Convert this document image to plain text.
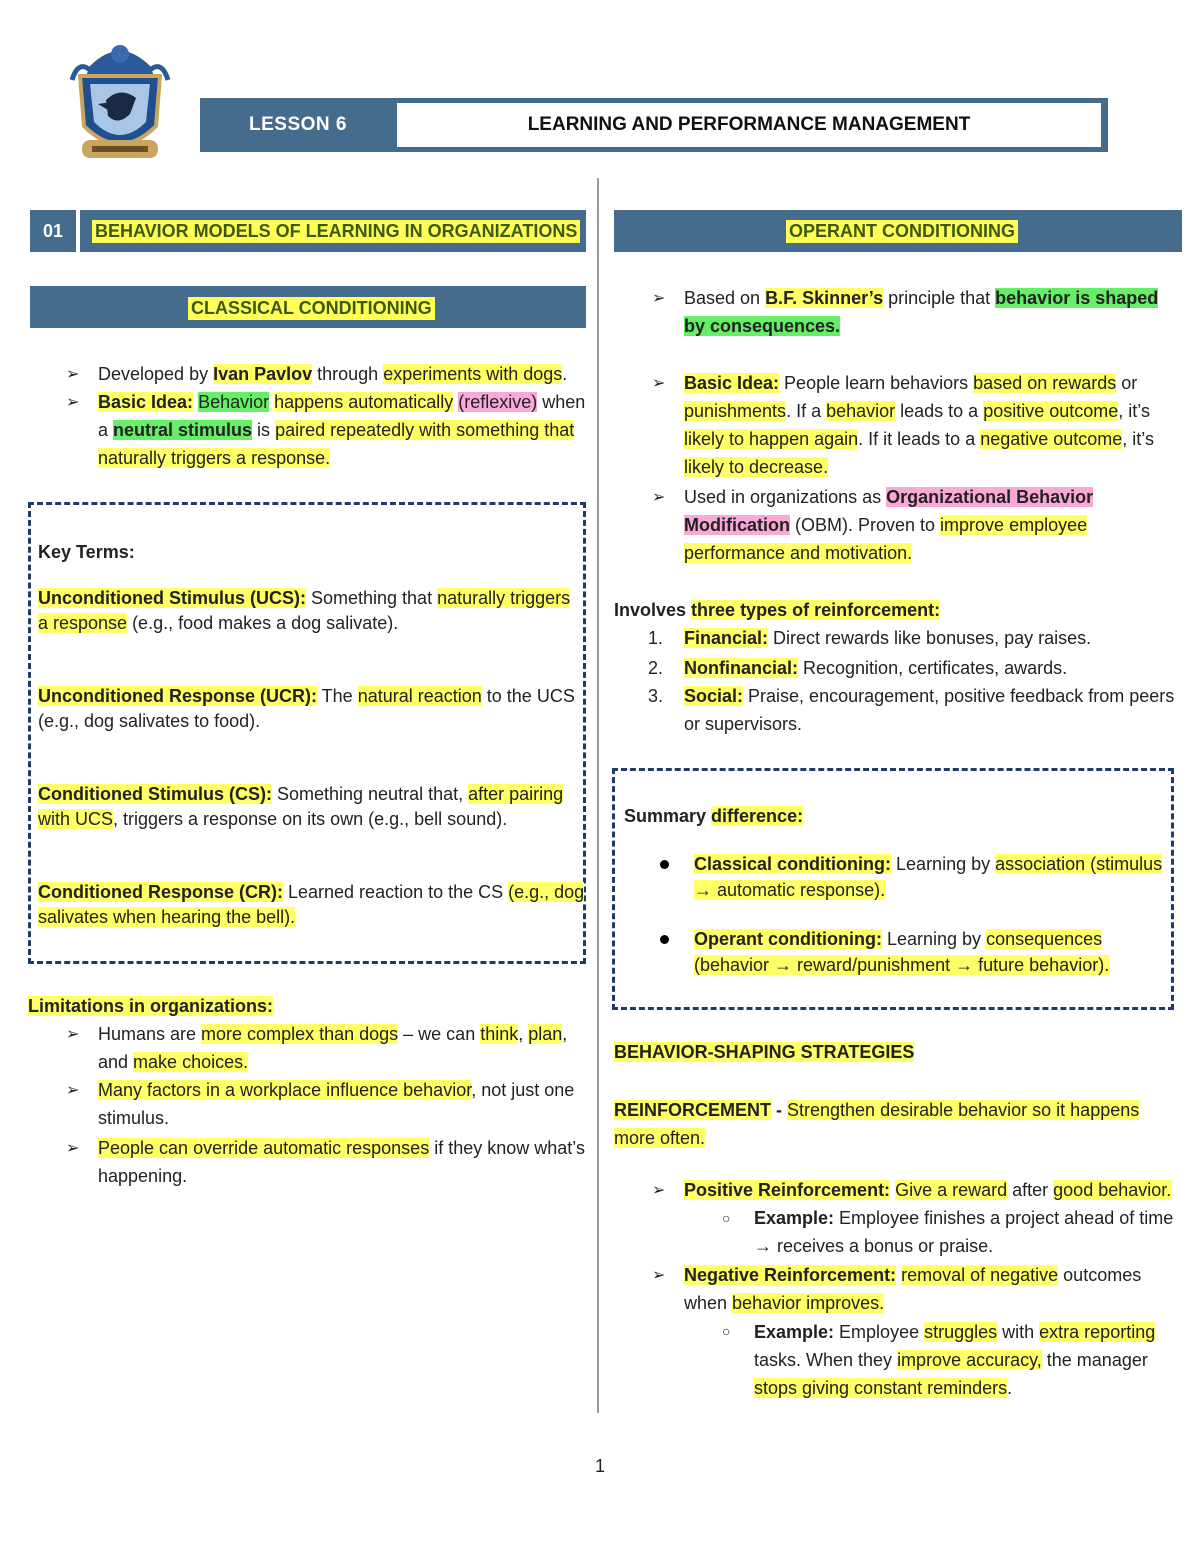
LESSON 6	LEARNING AND PERFORMANCE MANAGEMENT
01	BEHAVIOR MODELS OF LEARNING IN ORGANIZATIONS
CLASSICAL CONDITIONING
➢ Developed by Ivan Pavlov through experiments with dogs.
➢ Basic Idea: Behavior happens automatically (reflexive) when
a neutral stimulus is paired repeatedly with something that
naturally triggers a response.
Key Terms:
Unconditioned Stimulus (UCS): Something that naturally triggers
a response (e.g., food makes a dog salivate).
Unconditioned Response (UCR): The natural reaction to the UCS
(e.g., dog salivates to food).
Conditioned Stimulus (CS): Something neutral that, after pairing
with UCS, triggers a response on its own (e.g., bell sound).
Conditioned Response (CR): Learned reaction to the CS (e.g., dog
salivates when hearing the bell).
Limitations in organizations:
➢ Humans are more complex than dogs – we can think, plan,
and make choices.
➢ Many factors in a workplace influence behavior, not just one
stimulus.
➢ People can override automatic responses if they know what’s
happening.
OPERANT CONDITIONING
➢ Based on B.F. Skinner’s principle that behavior is shaped
by consequences.
➢ Basic Idea: People learn behaviors based on rewards or
punishments. If a behavior leads to a positive outcome, it’s
likely to happen again. If it leads to a negative outcome, it’s
likely to decrease.
➢ Used in organizations as Organizational Behavior
Modification (OBM). Proven to improve employee
performance and motivation.
Involves three types of reinforcement:
1. Financial: Direct rewards like bonuses, pay raises.
2. Nonfinancial: Recognition, certificates, awards.
3. Social: Praise, encouragement, positive feedback from peers
or supervisors.
Summary difference:
Classical conditioning: Learning by association (stimulus
→ automatic response).
Operant conditioning: Learning by consequences
(behavior → reward/punishment → future behavior).
BEHAVIOR-SHAPING STRATEGIES
REINFORCEMENT - Strengthen desirable behavior so it happens
more often.
➢ Positive Reinforcement: Give a reward after good behavior.
○ Example: Employee finishes a project ahead of time
→ receives a bonus or praise.
➢ Negative Reinforcement: removal of negative outcomes
when behavior improves.
○ Example: Employee struggles with extra reporting
tasks. When they improve accuracy, the manager
stops giving constant reminders.
1
